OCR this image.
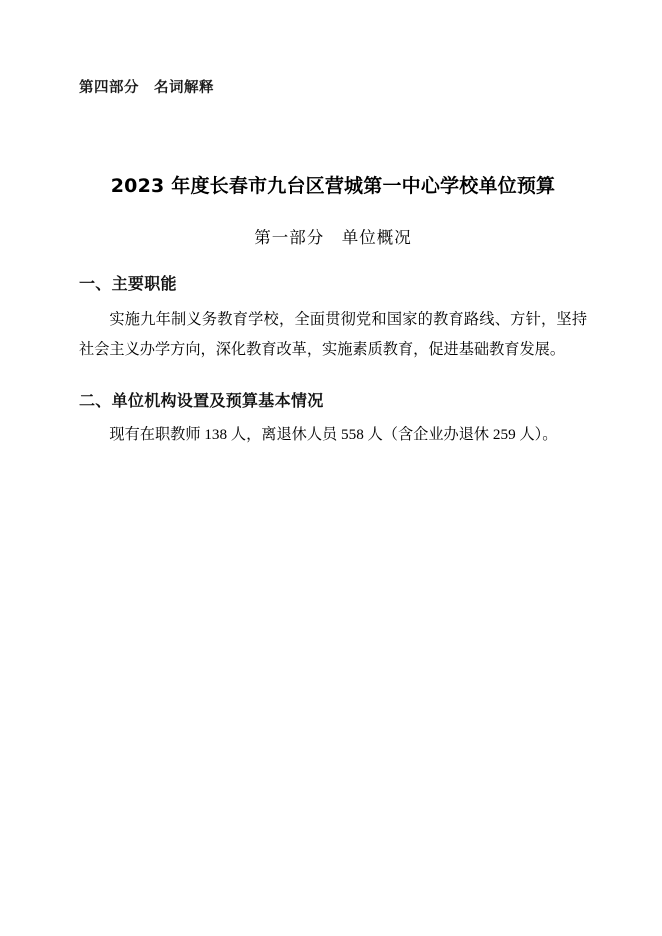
第四部分　名词解释
2023 年度长春市九台区营城第一中心学校单位预算
第一部分　单位概况
一、主要职能
实施九年制义务教育学校，全面贯彻党和国家的教育路线、方针，坚持社会主义办学方向，深化教育改革，实施素质教育，促进基础教育发展。
二、单位机构设置及预算基本情况
现有在职教师 138 人，离退休人员 558 人（含企业办退休 259 人）。
